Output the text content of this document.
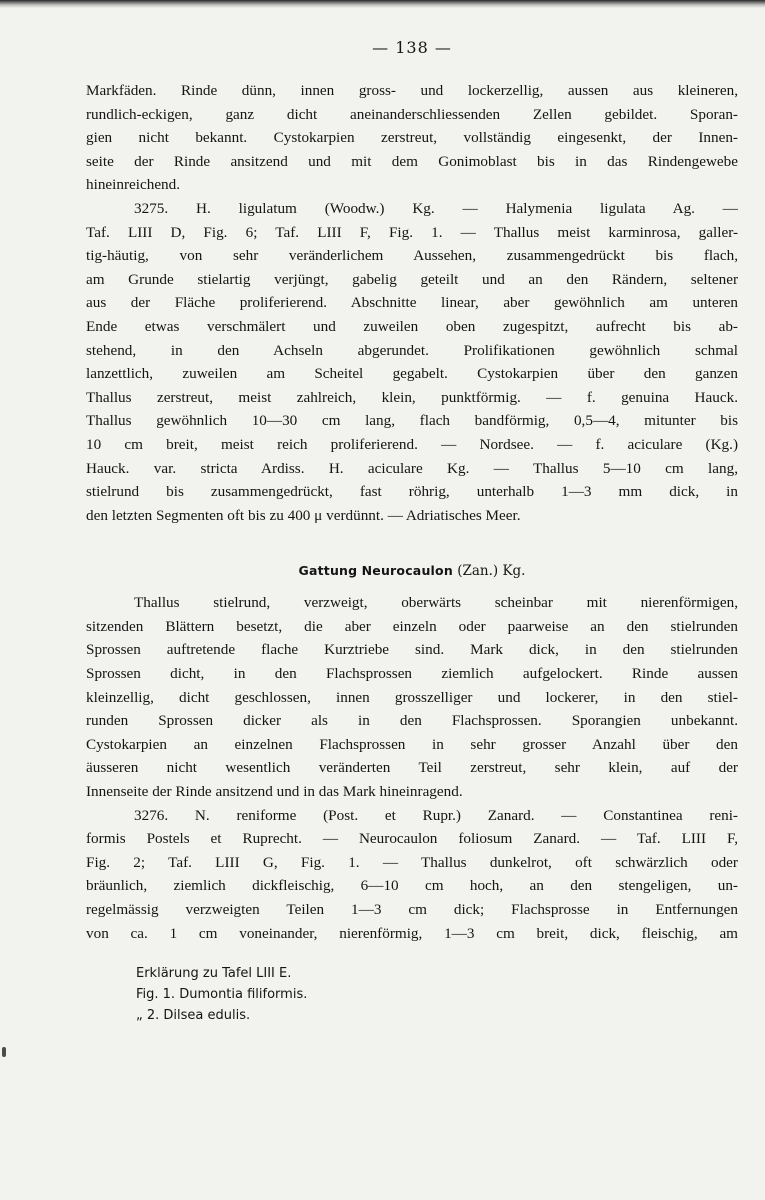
— 138 —
Markfäden. Rinde dünn, innen gross- und lockerzellig, aussen aus kleineren,
rundlich-eckigen, ganz dicht aneinanderschliessenden Zellen gebildet. Sporan-
gien nicht bekannt. Cystokarpien zerstreut, vollständig eingesenkt, der Innen-
seite der Rinde ansitzend und mit dem Gonimoblast bis in das Rindengewebe
hineinreichend.
3275. H. ligulatum (Woodw.) Kg. — Halymenia ligulata Ag. —
Taf. LIII D, Fig. 6; Taf. LIII F, Fig. 1. — Thallus meist karminrosa, galler-
tig-häutig, von sehr veränderlichem Aussehen, zusammengedrückt bis flach,
am Grunde stielartig verjüngt, gabelig geteilt und an den Rändern, seltener
aus der Fläche proliferierend. Abschnitte linear, aber gewöhnlich am unteren
Ende etwas verschmälert und zuweilen oben zugespitzt, aufrecht bis ab-
stehend, in den Achseln abgerundet. Prolifikationen gewöhnlich schmal
lanzettlich, zuweilen am Scheitel gegabelt. Cystokarpien über den ganzen
Thallus zerstreut, meist zahlreich, klein, punktförmig. — f. genuina Hauck.
Thallus gewöhnlich 10—30 cm lang, flach bandförmig, 0,5—4, mitunter bis
10 cm breit, meist reich proliferierend. — Nordsee. — f. aciculare (Kg.)
Hauck. var. stricta Ardiss. H. aciculare Kg. — Thallus 5—10 cm lang,
stielrund bis zusammengedrückt, fast röhrig, unterhalb 1—3 mm dick, in
den letzten Segmenten oft bis zu 400 μ verdünnt. — Adriatisches Meer.
Gattung Neurocaulon (Zan.) Kg.
Thallus stielrund, verzweigt, oberwärts scheinbar mit nierenförmigen,
sitzenden Blättern besetzt, die aber einzeln oder paarweise an den stielrunden
Sprossen auftretende flache Kurztriebe sind. Mark dick, in den stielrunden
Sprossen dicht, in den Flachsprossen ziemlich aufgelockert. Rinde aussen
kleinzellig, dicht geschlossen, innen grosszelliger und lockerer, in den stiel-
runden Sprossen dicker als in den Flachsprossen. Sporangien unbekannt.
Cystokarpien an einzelnen Flachsprossen in sehr grosser Anzahl über den
äusseren nicht wesentlich veränderten Teil zerstreut, sehr klein, auf der
Innenseite der Rinde ansitzend und in das Mark hineinragend.
3276. N. reniforme (Post. et Rupr.) Zanard. — Constantinea reni-
formis Postels et Ruprecht. — Neurocaulon foliosum Zanard. — Taf. LIII F,
Fig. 2; Taf. LIII G, Fig. 1. — Thallus dunkelrot, oft schwärzlich oder
bräunlich, ziemlich dickfleischig, 6—10 cm hoch, an den stengeligen, un-
regelmässig verzweigten Teilen 1—3 cm dick; Flachsprosse in Entfernungen
von ca. 1 cm voneinander, nierenförmig, 1—3 cm breit, dick, fleischig, am
Erklärung zu Tafel LIII E.
Fig. 1. Dumontia filiformis.
„ 2. Dilsea edulis.
